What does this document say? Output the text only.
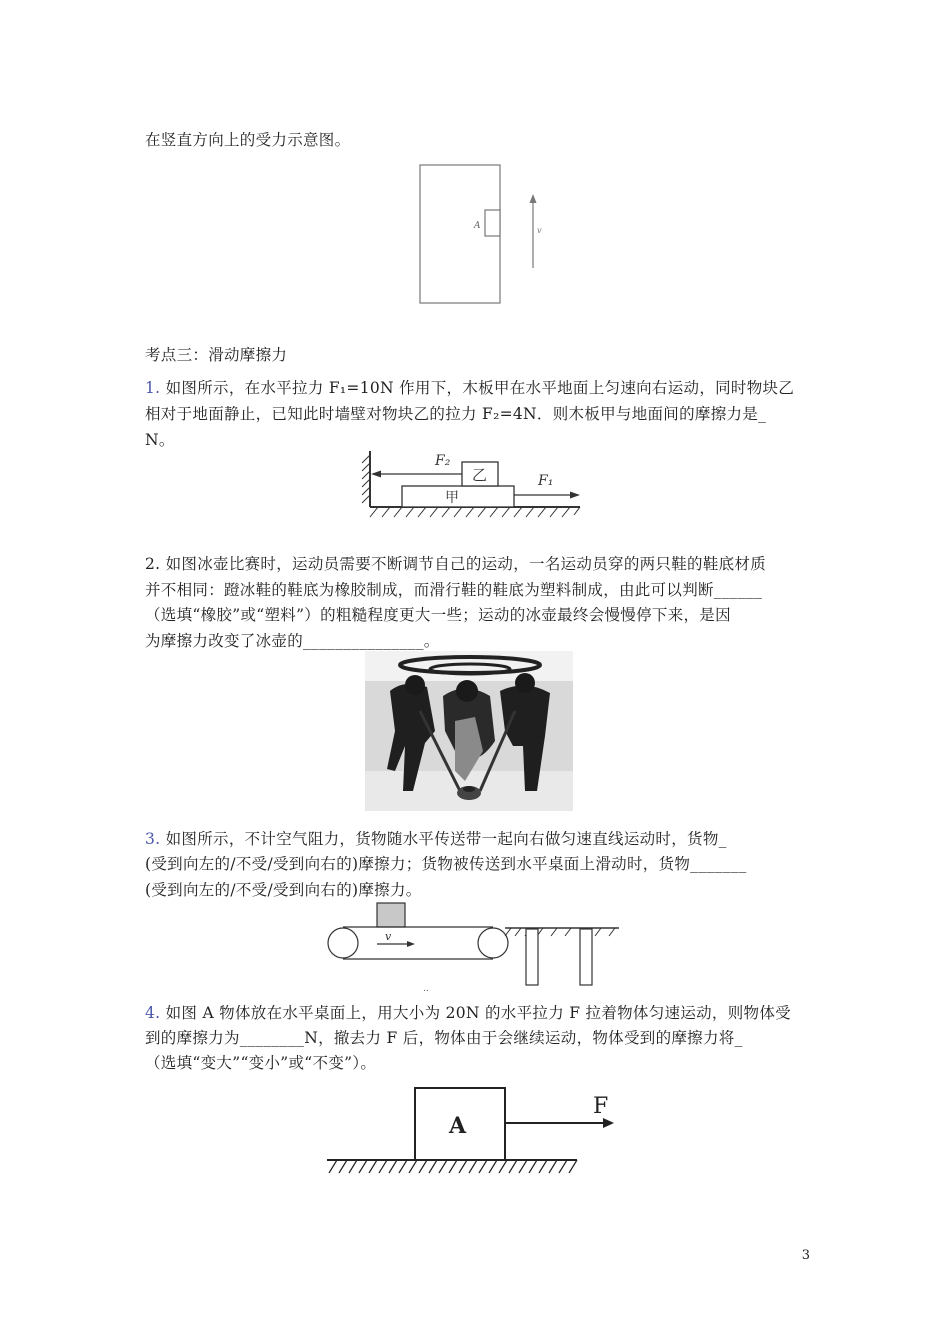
在竖直方向上的受力示意图。
A	v
考点三：滑动摩擦力
1. 如图所示，在水平拉力 F₁=10N 作用下，木板甲在水平地面上匀速向右运动，同时物块乙
相对于地面静止，已知此时墙壁对物块乙的拉力 F₂=4N．则木板甲与地面间的摩擦力是_
N。
甲
乙
F₂
F₁
2. 如图冰壶比赛时，运动员需要不断调节自己的运动，一名运动员穿的两只鞋的鞋底材质
并不相同：蹬冰鞋的鞋底为橡胶制成，而滑行鞋的鞋底为塑料制成，由此可以判断______
（选填“橡胶”或“塑料”）的粗糙程度更大一些；运动的冰壶最终会慢慢停下来，是因
为摩擦力改变了冰壶的_______________。
3. 如图所示，不计空气阻力，货物随水平传送带一起向右做匀速直线运动时，货物_
(受到向左的/不受/受到向右的)摩擦力；货物被传送到水平桌面上滑动时，货物_______
(受到向左的/不受/受到向右的)摩擦力。
v
..
4. 如图 A 物体放在水平桌面上，用大小为 20N 的水平拉力 F 拉着物体匀速运动，则物体受
到的摩擦力为________N，撤去力 F 后，物体由于会继续运动，物体受到的摩擦力将_
（选填“变大”“变小”或“不变”）。
A
F
3
